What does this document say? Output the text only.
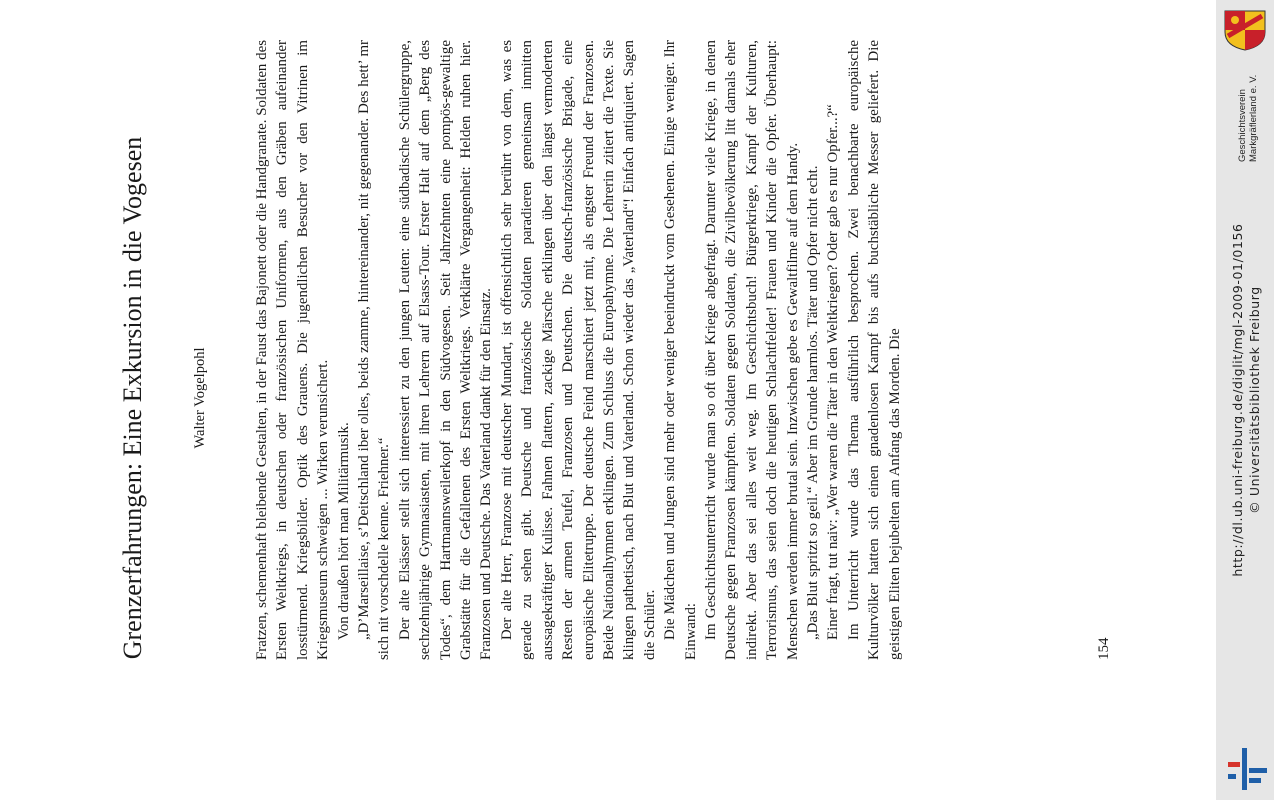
Grenzerfahrungen: Eine Exkursion in die Vogesen	Walter Vogelpohl	Fratzen, schemenhaft bleibende Gestalten, in der Faust das Bajonett oder die Handgranate. Soldaten des Ersten Weltkriegs, in deutschen oder französischen Uniformen, aus den Gräben aufeinander losstürmend. Kriegsbilder. Optik des Grauens. Die jugendlichen Besucher vor den Vitrinen im Kriegsmuseum schweigen ... Wirken verunsichert. Von draußen hört man Militärmusik. „D’Marseillaise, s’Deitschland iber olles, beids zamme, hintereinander, nit gegenander. Des hett’ mr sich nit vorschdelle kenne. Friehner.“ Der alte Elsässer stellt sich interessiert zu den jungen Leuten: eine südbadische Schülergruppe, sechzehnjährige Gymnasiasten, mit ihren Lehrern auf Elsass-Tour. Erster Halt auf dem „Berg des Todes“, dem Hartmannsweilerkopf in den Südvogesen. Seit Jahrzehnten eine pompös-gewaltige Grabstätte für die Gefallenen des Ersten Weltkriegs. Verklärte Vergangenheit: Helden ruhen hier. Franzosen und Deutsche. Das Vaterland dankt für den Einsatz. Der alte Herr, Franzose mit deutscher Mundart, ist offensichtlich sehr berührt von dem, was es gerade zu sehen gibt. Deutsche und französische Soldaten paradieren gemeinsam inmitten aussagekräftiger Kulisse. Fahnen flattern, zackige Märsche erklingen über den längst vermoderten Resten der armen Teufel, Franzosen und Deutschen. Die deutsch-französische Brigade, eine europäische Elitetruppe. Der deutsche Feind marschiert jetzt mit, als engster Freund der Franzosen. Beide Nationalhymnen erklingen. Zum Schluss die Europahymne. Die Lehrerin zitiert die Texte. Sie klingen pathetisch, nach Blut und Vaterland. Schon wieder das „Vaterland“! Einfach antiquiert. Sagen die Schüler. Die Mädchen und Jungen sind mehr oder weniger beeindruckt vom Gesehenen. Einige weniger. Ihr Einwand: Im Geschichtsunterricht wurde man so oft über Kriege abgefragt. Darunter viele Kriege, in denen Deutsche gegen Franzosen kämpften. Soldaten gegen Soldaten, die Zivilbevölkerung litt damals eher indirekt. Aber das sei alles weit weg. Im Geschichtsbuch! Bürgerkriege, Kampf der Kulturen, Terrorismus, das seien doch die heutigen Schlachtfelder! Frauen und Kinder die Opfer. Überhaupt: Menschen werden immer brutal sein. Inzwischen gebe es Gewaltfilme auf dem Handy. „Das Blut spritzt so geil.“ Aber im Grunde harmlos. Täter und Opfer nicht echt. Einer fragt, tut naiv: „Wer waren die Täter in den Weltkriegen? Oder gab es nur Opfer...?“ Im Unterricht wurde das Thema ausführlich besprochen. Zwei benachbarte europäische Kulturvölker hatten sich einen gnadenlosen Kampf bis aufs buchstäbliche Messer geliefert. Die geistigen Eliten bejubelten am Anfang das Morden. Die	154
http://dl.ub.uni-freiburg.de/diglit/mgl-2009-01/0156 © Universitätsbibliothek Freiburg
Geschichtsverein Markgräflerland e. V.
